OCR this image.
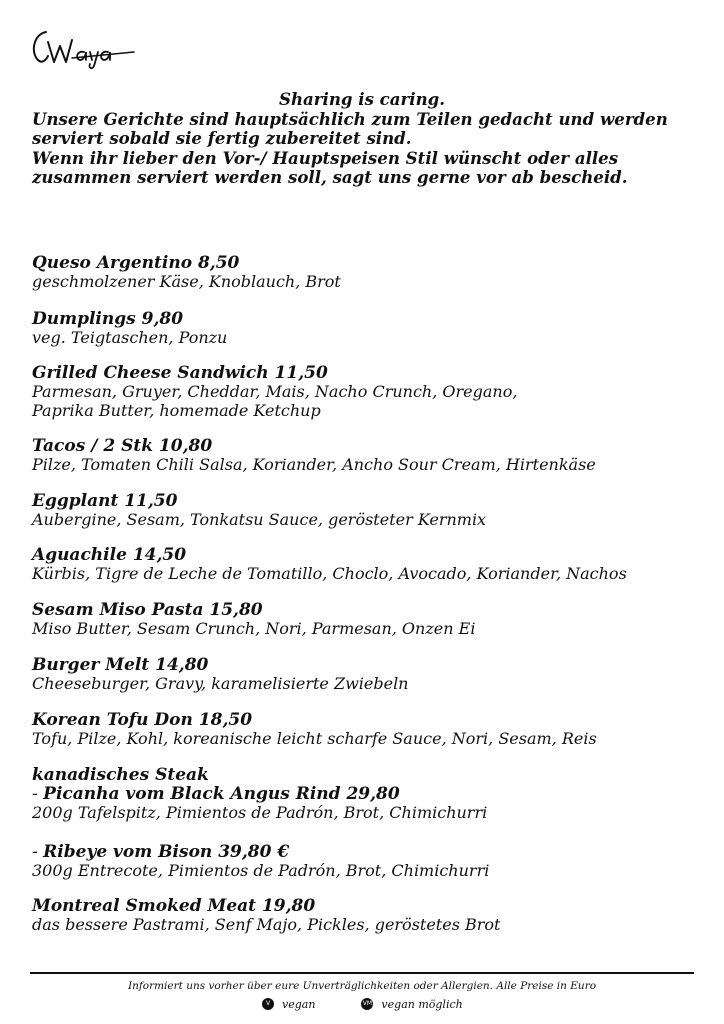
Sharing is caring.
Unsere Gerichte sind hauptsächlich zum Teilen gedacht und werden
serviert sobald sie fertig zubereitet sind.
Wenn ihr lieber den Vor-/ Hauptspeisen Stil wünscht oder alles
zusammen serviert werden soll, sagt uns gerne vor ab bescheid.
Queso Argentino 8,50
geschmolzener Käse, Knoblauch, Brot
Dumplings 9,80
veg. Teigtaschen, Ponzu
Grilled Cheese Sandwich 11,50
Parmesan, Gruyer, Cheddar, Mais, Nacho Crunch, Oregano,
Paprika Butter, homemade Ketchup
Tacos / 2 Stk 10,80
Pilze, Tomaten Chili Salsa, Koriander, Ancho Sour Cream, Hirtenkäse
Eggplant 11,50
Aubergine, Sesam, Tonkatsu Sauce, gerösteter Kernmix
Aguachile 14,50
Kürbis, Tigre de Leche de Tomatillo, Choclo, Avocado, Koriander, Nachos
Sesam Miso Pasta 15,80
Miso Butter, Sesam Crunch, Nori, Parmesan, Onzen Ei
Burger Melt 14,80
Cheeseburger, Gravy, karamelisierte Zwiebeln
Korean Tofu Don 18,50
Tofu, Pilze, Kohl, koreanische leicht scharfe Sauce, Nori, Sesam, Reis
kanadisches Steak
- Picanha vom Black Angus Rind 29,80
200g Tafelspitz, Pimientos de Padrón, Brot, Chimichurri
- Ribeye vom Bison 39,80 €
300g Entrecote, Pimientos de Padrón, Brot, Chimichurri
Montreal Smoked Meat 19,80
das bessere Pastrami, Senf Majo, Pickles, geröstetes Brot
Informiert uns vorher über eure Unverträglichkeiten oder Allergien. Alle Preise in Euro
V	vegan	VM vegan möglich
